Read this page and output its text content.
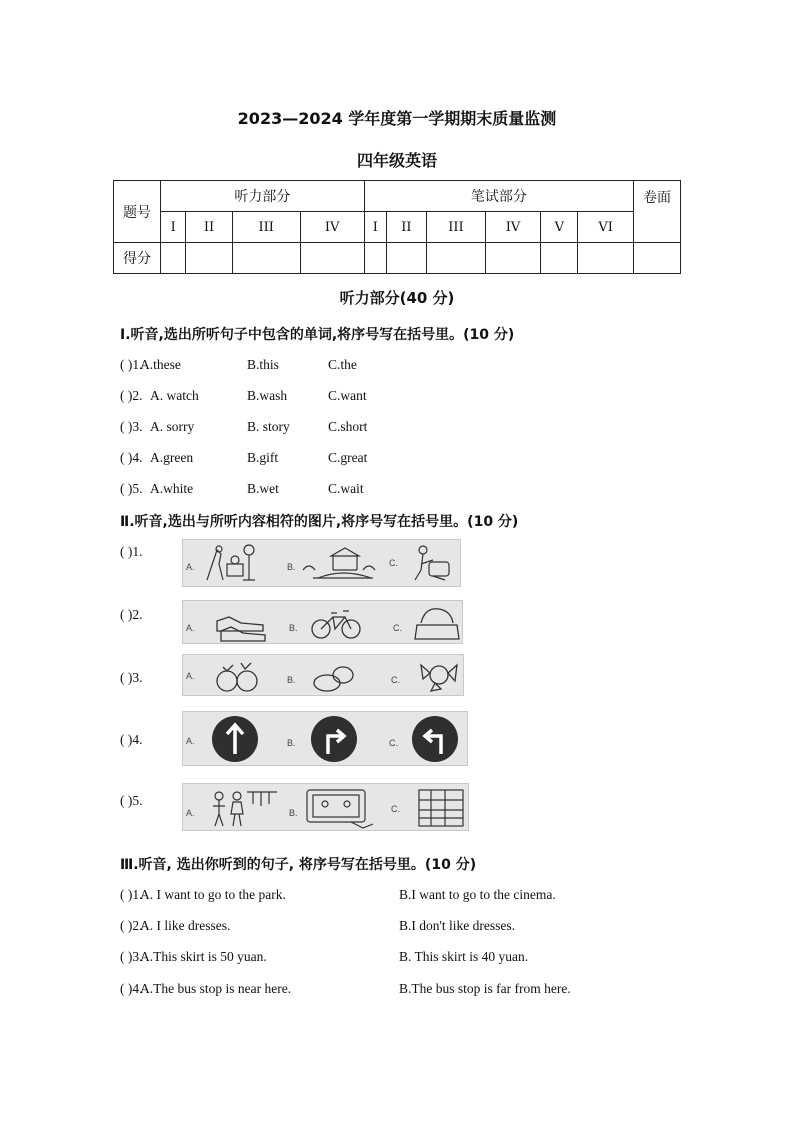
2023—2024 学年度第一学期期末质量监测
四年级英语
题号	听力部分				笔试部分						卷面
	I	II	III	IV	I	II	III	IV	V	VI	
得分											
听力部分(40 分)
Ⅰ.听音,选出所听句子中包含的单词,将序号写在括号里。(10 分)
( )1.
A.these	B.this	C.the
( )2. A. watch	B.wash	C.want
( )3. A. sorry	B. story	C.short
( )4. A.green	B.gift	C.great
( )5. A.white	B.wet	C.wait
Ⅱ.听音,选出与所听内容相符的图片,将序号写在括号里。(10 分)
( )1.
A.	B.	C.
( )2.
A.	B.	C.
( )3.	A.	B.	C.
( )4.	A.	B.	C.
( )5.
A.	B.	C.
Ⅲ.听音, 选出你听到的句子, 将序号写在括号里。(10 分)
( )1.
A. I want to go to the park.	B.I want to go to the cinema.
( )2.
A. I like dresses.	B.I don't like dresses.
( )3.
A.This skirt is 50 yuan.	B. This skirt is 40 yuan.
( )4.
A.The bus stop is near here.	B.The bus stop is far from here.
